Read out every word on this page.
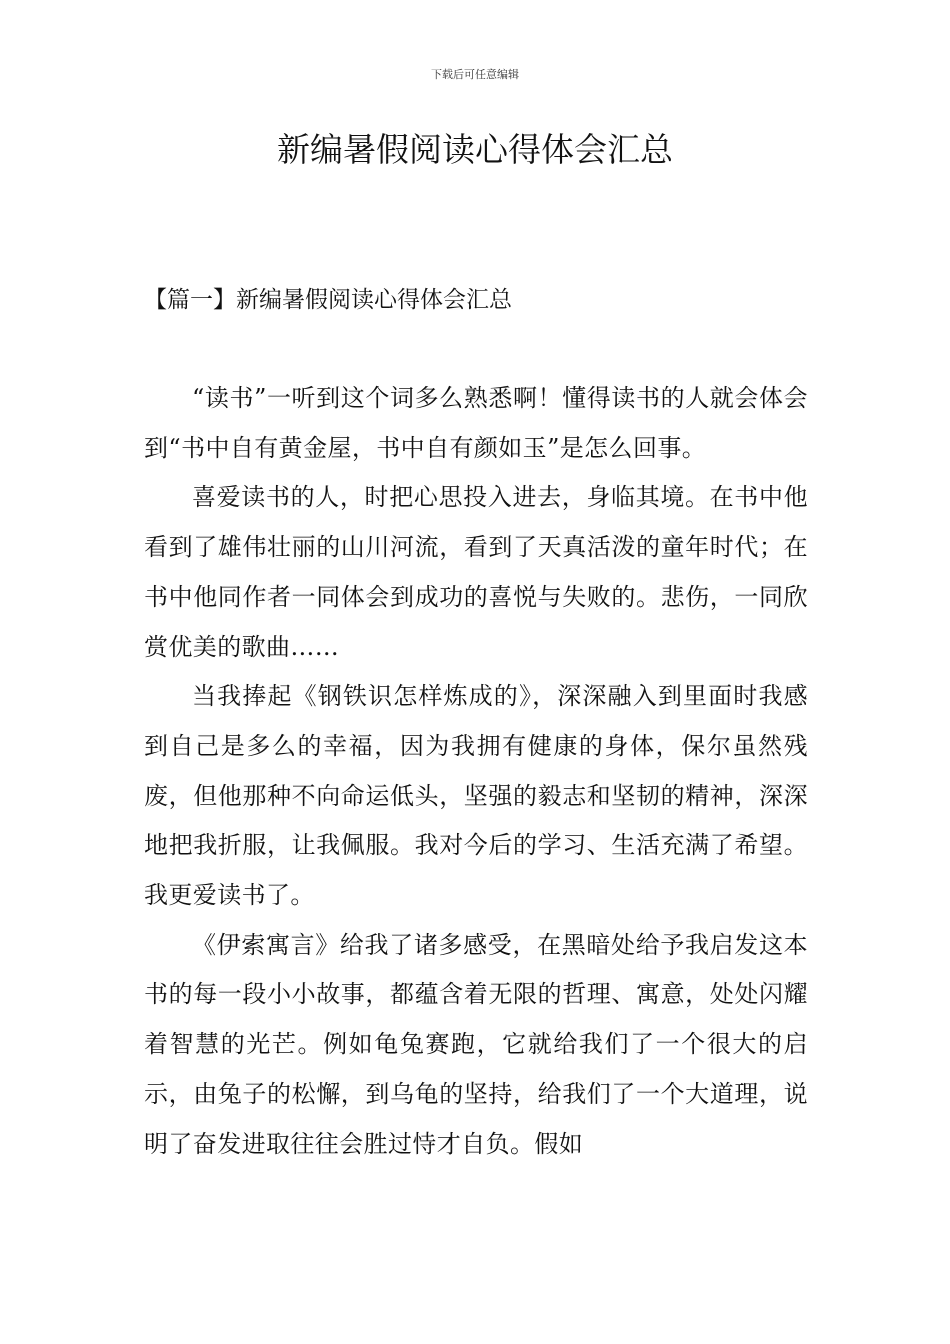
下载后可任意编辑
新编暑假阅读心得体会汇总
【篇一】新编暑假阅读心得体会汇总

“读书”一听到这个词多么熟悉啊！懂得读书的人就会体会到“书中自有黄金屋，书中自有颜如玉”是怎么回事。

喜爱读书的人，时把心思投入进去，身临其境。在书中他看到了雄伟壮丽的山川河流，看到了天真活泼的童年时代；在书中他同作者一同体会到成功的喜悦与失败的。悲伤，一同欣赏优美的歌曲……

当我捧起《钢铁识怎样炼成的》，深深融入到里面时我感到自己是多么的幸福，因为我拥有健康的身体，保尔虽然残废，但他那种不向命运低头，坚强的毅志和坚韧的精神，深深地把我折服，让我佩服。我对今后的学习、生活充满了希望。我更爱读书了。

《伊索寓言》给我了诸多感受，在黑暗处给予我启发这本书的每一段小小故事，都蕴含着无限的哲理、寓意，处处闪耀着智慧的光芒。例如龟兔赛跑，它就给我们了一个很大的启示，由兔子的松懈，到乌龟的坚持，给我们了一个大道理，说明了奋发进取往往会胜过恃才自负。假如
